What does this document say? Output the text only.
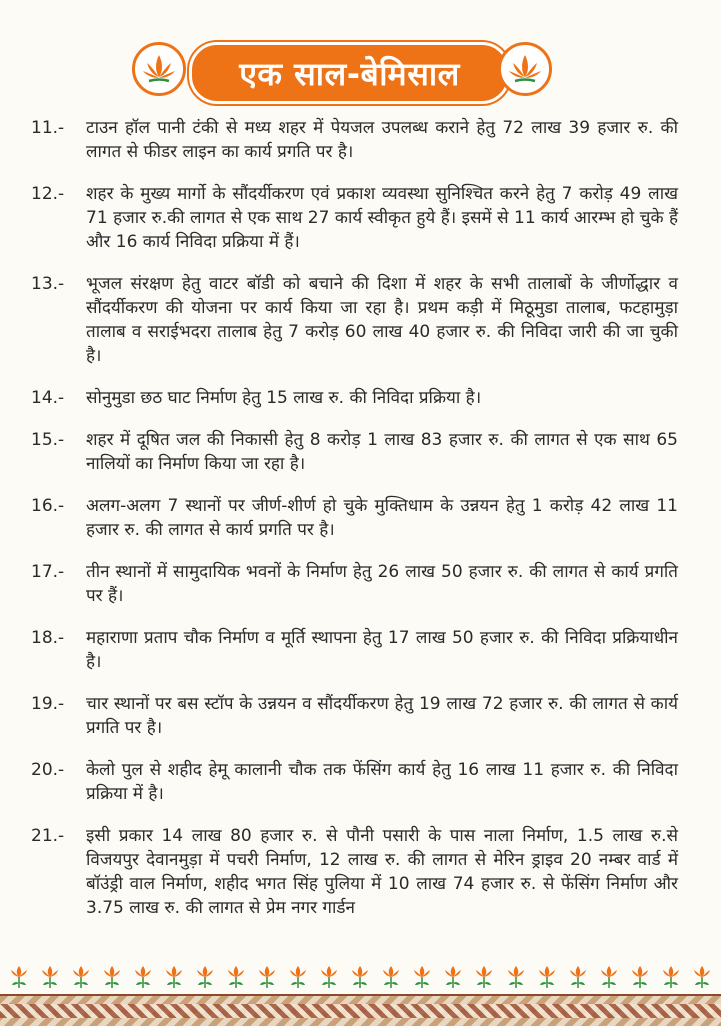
एक साल-बेमिसाल
11.- टाउन हॉल पानी टंकी से मध्य शहर में पेयजल उपलब्ध कराने हेतु 72 लाख 39 हजार रु. की लागत से फीडर लाइन का कार्य प्रगति पर है।
12.- शहर के मुख्य मार्गो के सौंदर्यीकरण एवं प्रकाश व्यवस्था सुनिश्चित करने हेतु 7 करोड़ 49 लाख 71 हजार रु.की लागत से एक साथ 27 कार्य स्वीकृत हुये हैं। इसमें से 11 कार्य आरम्भ हो चुके हैं और 16 कार्य निविदा प्रक्रिया में हैं।
13.- भूजल संरक्षण हेतु वाटर बॉडी को बचाने की दिशा में शहर के सभी तालाबों के जीर्णोद्धार व सौंदर्यीकरण की योजना पर कार्य किया जा रहा है। प्रथम कड़ी में मिठूमुडा तालाब, फटहामुड़ा तालाब व सराईभदरा तालाब हेतु 7 करोड़ 60 लाख 40 हजार रु. की निविदा जारी की जा चुकी है।
14.- सोनुमुडा छठ घाट निर्माण हेतु 15 लाख रु. की निविदा प्रक्रिया है।
15.- शहर में दूषित जल की निकासी हेतु 8 करोड़ 1 लाख 83 हजार रु. की लागत से एक साथ 65 नालियों का निर्माण किया जा रहा है।
16.- अलग-अलग 7 स्थानों पर जीर्ण-शीर्ण हो चुके मुक्तिधाम के उन्नयन हेतु 1 करोड़ 42 लाख 11 हजार रु. की लागत से कार्य प्रगति पर है।
17.- तीन स्थानों में सामुदायिक भवनों के निर्माण हेतु 26 लाख 50 हजार रु. की लागत से कार्य प्रगति पर हैं।
18.- महाराणा प्रताप चौक निर्माण व मूर्ति स्थापना हेतु 17 लाख 50 हजार रु. की निविदा प्रक्रियाधीन है।
19.- चार स्थानों पर बस स्टॉप के उन्नयन व सौंदर्यीकरण हेतु 19 लाख 72 हजार रु. की लागत से कार्य प्रगति पर है।
20.- केलो पुल से शहीद हेमू कालानी चौक तक फेंसिंग कार्य हेतु 16 लाख 11 हजार रु. की निविदा प्रक्रिया में है।
21.- इसी प्रकार 14 लाख 80 हजार रु. से पौनी पसारी के पास नाला निर्माण, 1.5 लाख रु.से विजयपुर देवानमुड़ा में पचरी निर्माण, 12 लाख रु. की लागत से मेरिन ड्राइव 20 नम्बर वार्ड में बॉउंड्री वाल निर्माण, शहीद भगत सिंह पुलिया में 10 लाख 74 हजार रु. से फेंसिंग निर्माण और 3.75 लाख रु. की लागत से प्रेम नगर गार्डन
